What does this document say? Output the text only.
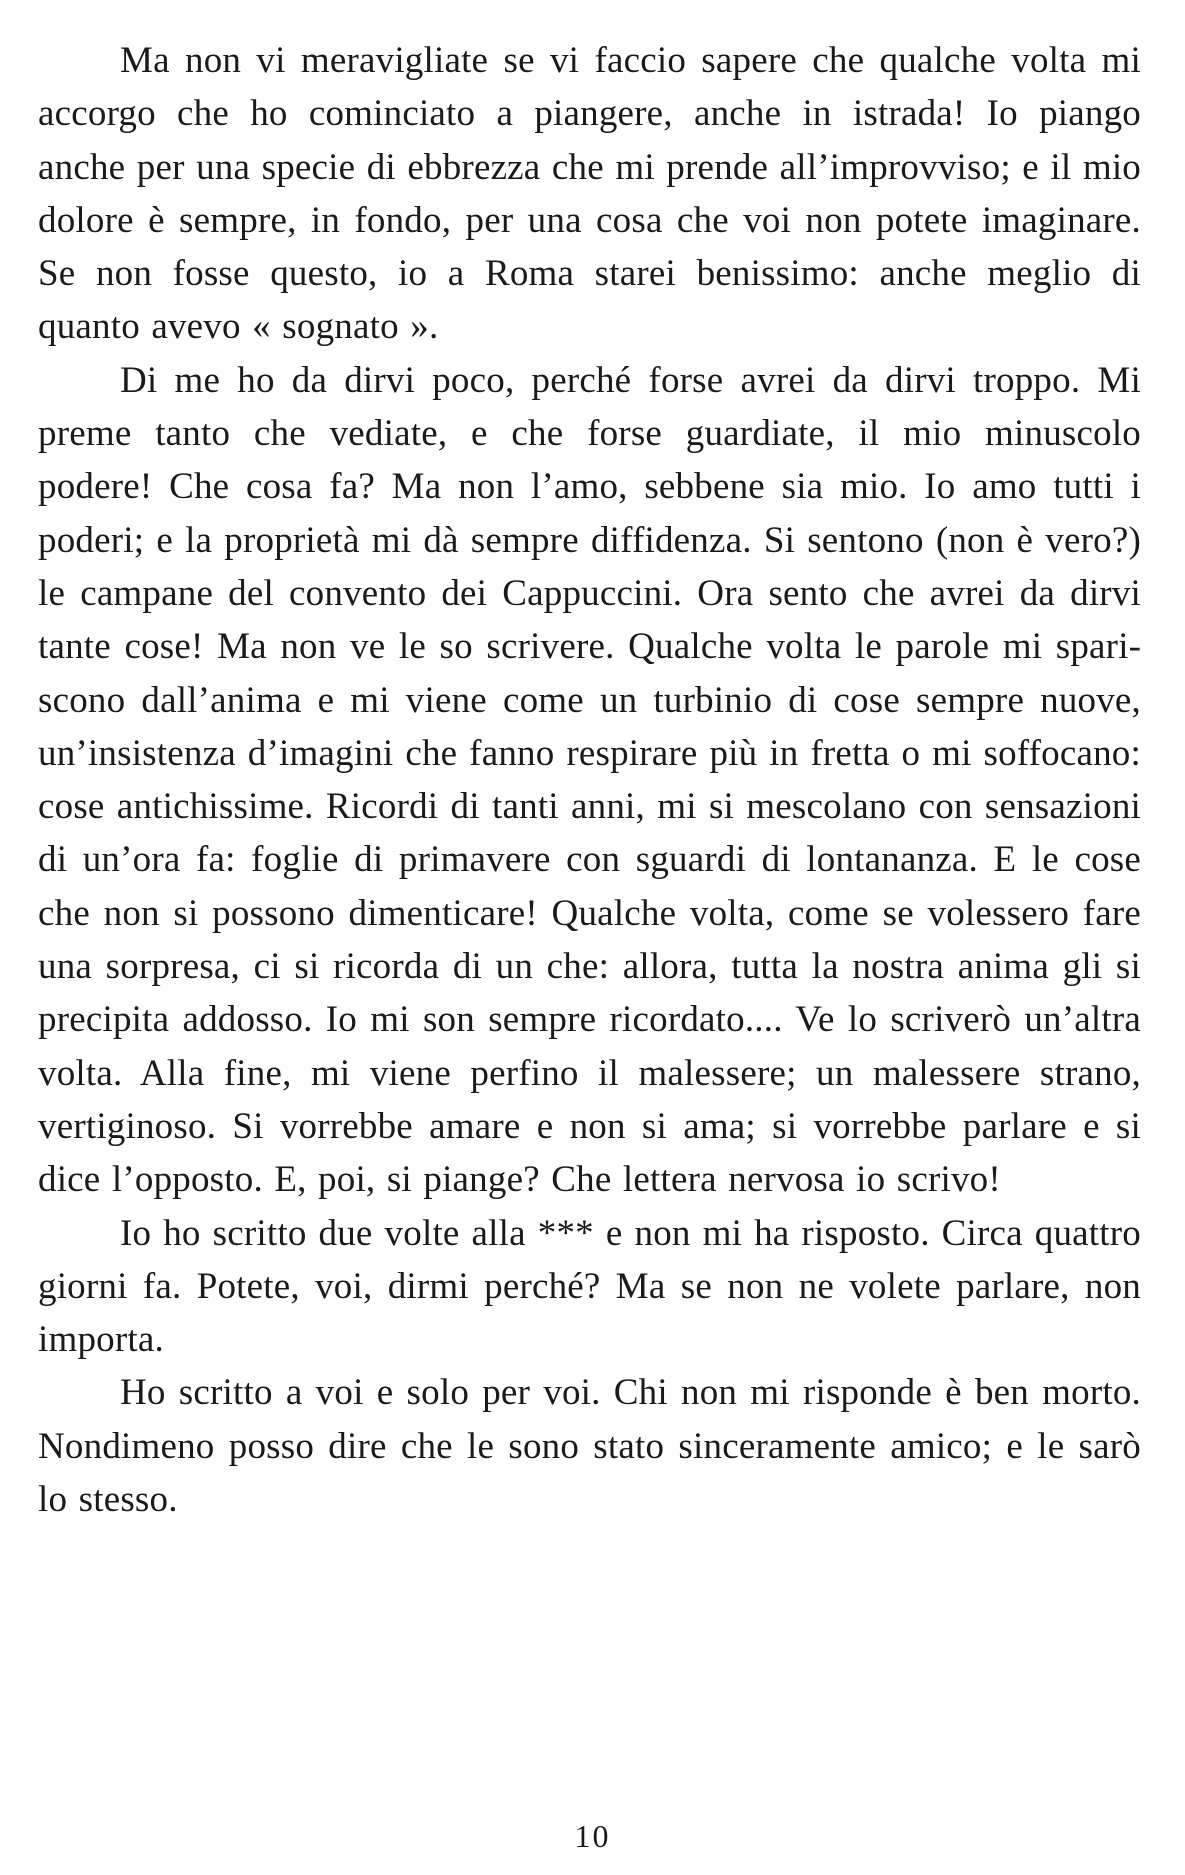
Ma non vi meravigliate se vi faccio sapere che qualche volta mi accorgo che ho cominciato a piangere, anche in istrada! Io piango anche per una specie di ebbrezza che mi prende all’improvviso; e il mio dolore è sempre, in fondo, per una cosa che voi non potete imaginare. Se non fosse questo, io a Roma starei benissimo: anche meglio di quanto avevo « sognato ».

Di me ho da dirvi poco, perché forse avrei da dirvi troppo. Mi preme tanto che vediate, e che forse guardiate, il mio minuscolo podere! Che cosa fa? Ma non l’amo, sebbene sia mio. Io amo tutti i poderi; e la proprietà mi dà sempre diffidenza. Si sentono (non è vero?) le campane del convento dei Cappuccini. Ora sento che avrei da dirvi tante cose! Ma non ve le so scrivere. Qualche volta le parole mi spariscono dall’anima e mi viene come un turbinio di cose sempre nuove, un’insistenza d’imagini che fanno respirare più in fretta o mi soffocano: cose antichissime. Ricordi di tanti anni, mi si mescolano con sensazioni di un’ora fa: foglie di primavere con sguardi di lontananza. E le cose che non si possono dimenticare! Qualche volta, come se volessero fare una sorpresa, ci si ricorda di un che: allora, tutta la nostra anima gli si precipita addosso. Io mi son sempre ricordato.... Ve lo scriverò un’altra volta. Alla fine, mi viene perfino il malessere; un malessere strano, vertiginoso. Si vorrebbe amare e non si ama; si vorrebbe parlare e si dice l’opposto. E, poi, si piange? Che lettera nervosa io scrivo!

Io ho scritto due volte alla *** e non mi ha risposto. Circa quattro giorni fa. Potete, voi, dirmi perché? Ma se non ne volete parlare, non importa.

Ho scritto a voi e solo per voi. Chi non mi risponde è ben morto. Nondimeno posso dire che le sono stato sinceramente amico; e le sarò lo stesso.

10
